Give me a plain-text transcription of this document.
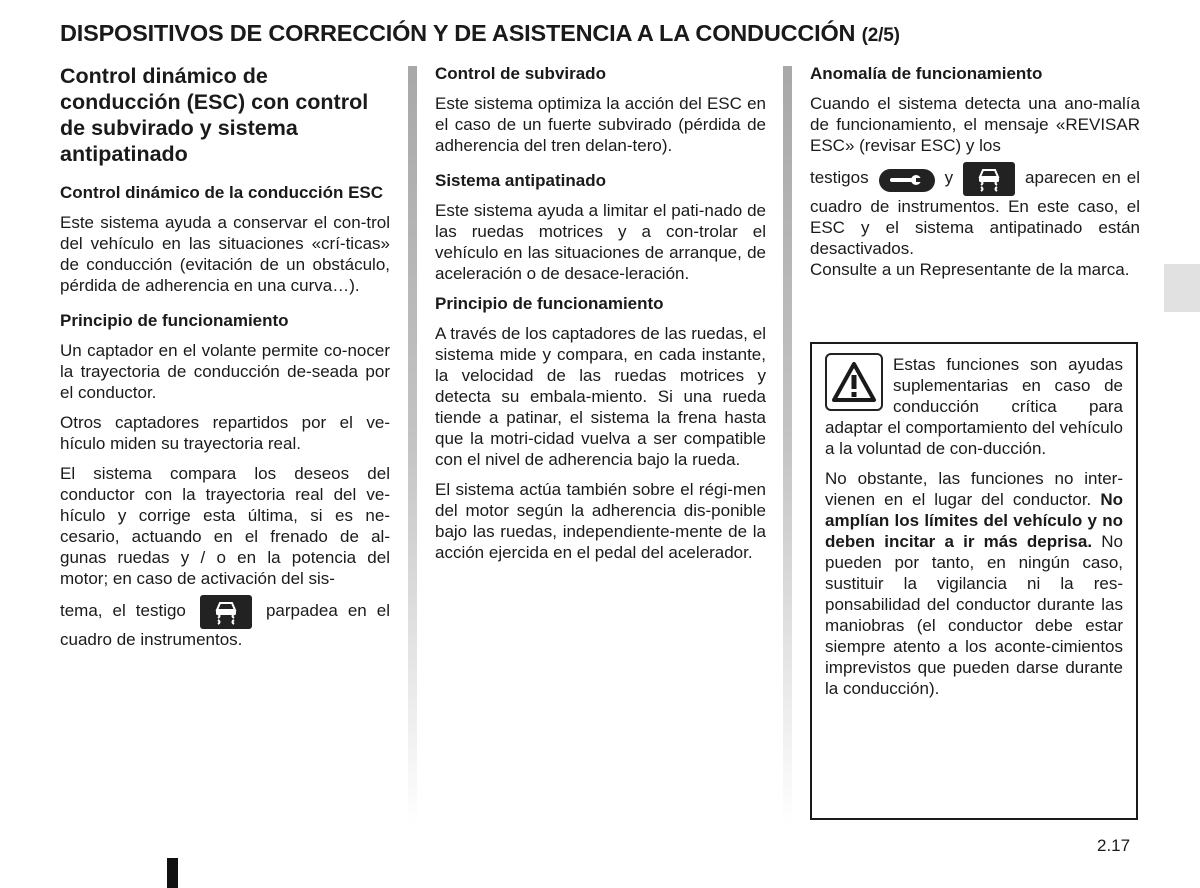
DISPOSITIVOS DE CORRECCIÓN Y DE ASISTENCIA A LA CONDUCCIÓN (2/5)
Control dinámico de conducción (ESC) con control de subvirado y sistema antipatinado
Control dinámico de la conducción ESC

Este sistema ayuda a conservar el con-trol del vehículo en las situaciones «crí-ticas» de conducción (evitación de un obstáculo, pérdida de adherencia en una curva…).

Principio de funcionamiento

Un captador en el volante permite co-nocer la trayectoria de conducción de-seada por el conductor.

Otros captadores repartidos por el ve-hículo miden su trayectoria real.

El sistema compara los deseos del conductor con la trayectoria real del ve-hículo y corrige esta última, si es ne-cesario, actuando en el frenado de al-gunas ruedas y / o en la potencia del motor; en caso de activación del sis-

tema, el testigo	parpadea en el cuadro de instrumentos.

Control de subvirado

Este sistema optimiza la acción del ESC en el caso de un fuerte subvirado (pérdida de adherencia del tren delan-tero).

Sistema antipatinado

Este sistema ayuda a limitar el pati-nado de las ruedas motrices y a con-trolar el vehículo en las situaciones de arranque, de aceleración o de desace-leración.

Principio de funcionamiento

A través de los captadores de las ruedas, el sistema mide y compara, en cada instante, la velocidad de las ruedas motrices y detecta su embala-miento. Si una rueda tiende a patinar, el sistema la frena hasta que la motri-cidad vuelva a ser compatible con el nivel de adherencia bajo la rueda.

El sistema actúa también sobre el régi-men del motor según la adherencia dis-ponible bajo las ruedas, independiente-mente de la acción ejercida en el pedal del acelerador.

Anomalía de funcionamiento

Cuando el sistema detecta una ano-malía de funcionamiento, el mensaje «REVISAR ESC» (revisar ESC) y los

testigos	y	aparecen en el cuadro de instrumentos. En este caso, el ESC y el sistema antipatinado están desactivados.

Consulte a un Representante de la marca.

Estas funciones son ayudas suplementarias en caso de conducción crítica para adaptar el comportamiento del vehículo a la voluntad de con-ducción.

No obstante, las funciones no inter-vienen en el lugar del conductor. No amplían los límites del vehículo y no deben incitar a ir más deprisa. No pueden por tanto, en ningún caso, sustituir la vigilancia ni la res-ponsabilidad del conductor durante las maniobras (el conductor debe estar siempre atento a los aconte-cimientos imprevistos que pueden darse durante la conducción).

2.17
